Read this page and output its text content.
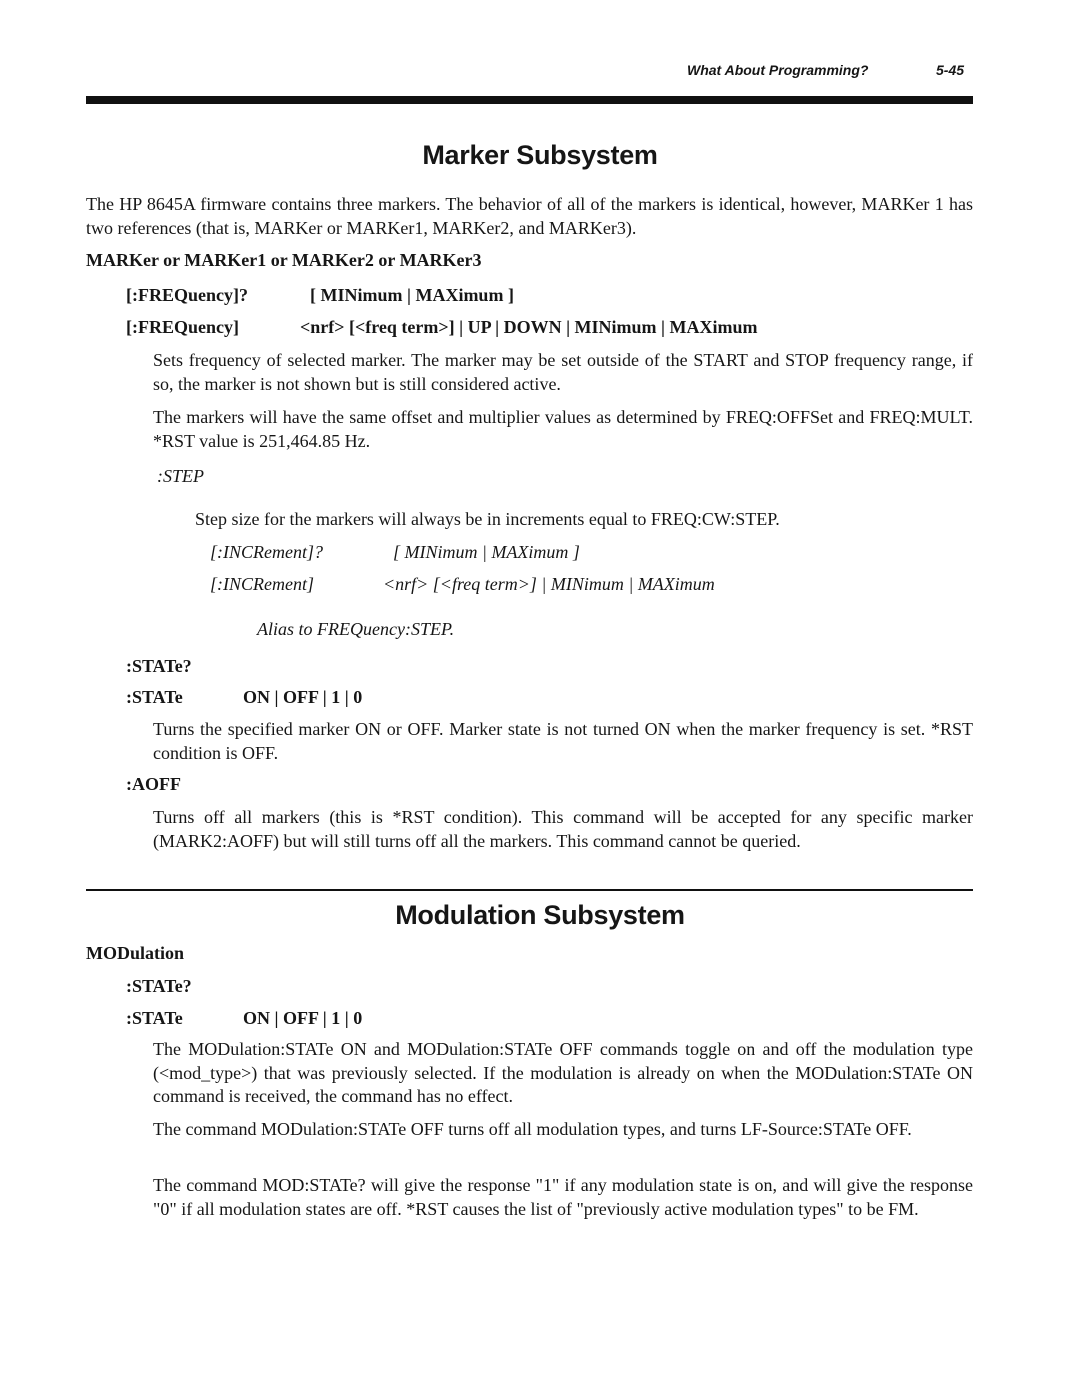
What About Programming?	5-45
Marker Subsystem
The HP 8645A firmware contains three markers. The behavior of all of the markers is identical, however, MARKer 1 has two references (that is, MARKer or MARKer1, MARKer2, and MARKer3).
MARKer or MARKer1 or MARKer2 or MARKer3
[:FREQuency]?	[ MINimum | MAXimum ]
[:FREQuency]	<nrf> [<freq term>] | UP | DOWN | MINimum | MAXimum
Sets frequency of selected marker. The marker may be set outside of the START and STOP frequency range, if so, the marker is not shown but is still considered active.
The markers will have the same offset and multiplier values as determined by FREQ:OFFSet and FREQ:MULT. *RST value is 251,464.85 Hz.
:STEP
Step size for the markers will always be in increments equal to FREQ:CW:STEP.
[:INCRement]?	[ MINimum | MAXimum ]
[:INCRement]	<nrf> [<freq term>] | MINimum | MAXimum
Alias to FREQuency:STEP.
:STATe?
:STATe	ON | OFF | 1 | 0
Turns the specified marker ON or OFF. Marker state is not turned ON when the marker frequency is set. *RST condition is OFF.
:AOFF
Turns off all markers (this is *RST condition). This command will be accepted for any specific marker (MARK2:AOFF) but will still turns off all the markers. This command cannot be queried.
Modulation Subsystem
MODulation
:STATe?
:STATe	ON | OFF | 1 | 0
The MODulation:STATe ON and MODulation:STATe OFF commands toggle on and off the modulation type (<mod_type>) that was previously selected. If the modulation is already on when the MODulation:STATe ON command is received, the command has no effect.
The command MODulation:STATe OFF turns off all modulation types, and turns LF-Source:STATe OFF.
The command MOD:STATe? will give the response "1" if any modulation state is on, and will give the response "0" if all modulation states are off. *RST causes the list of "previously active modulation types" to be FM.
